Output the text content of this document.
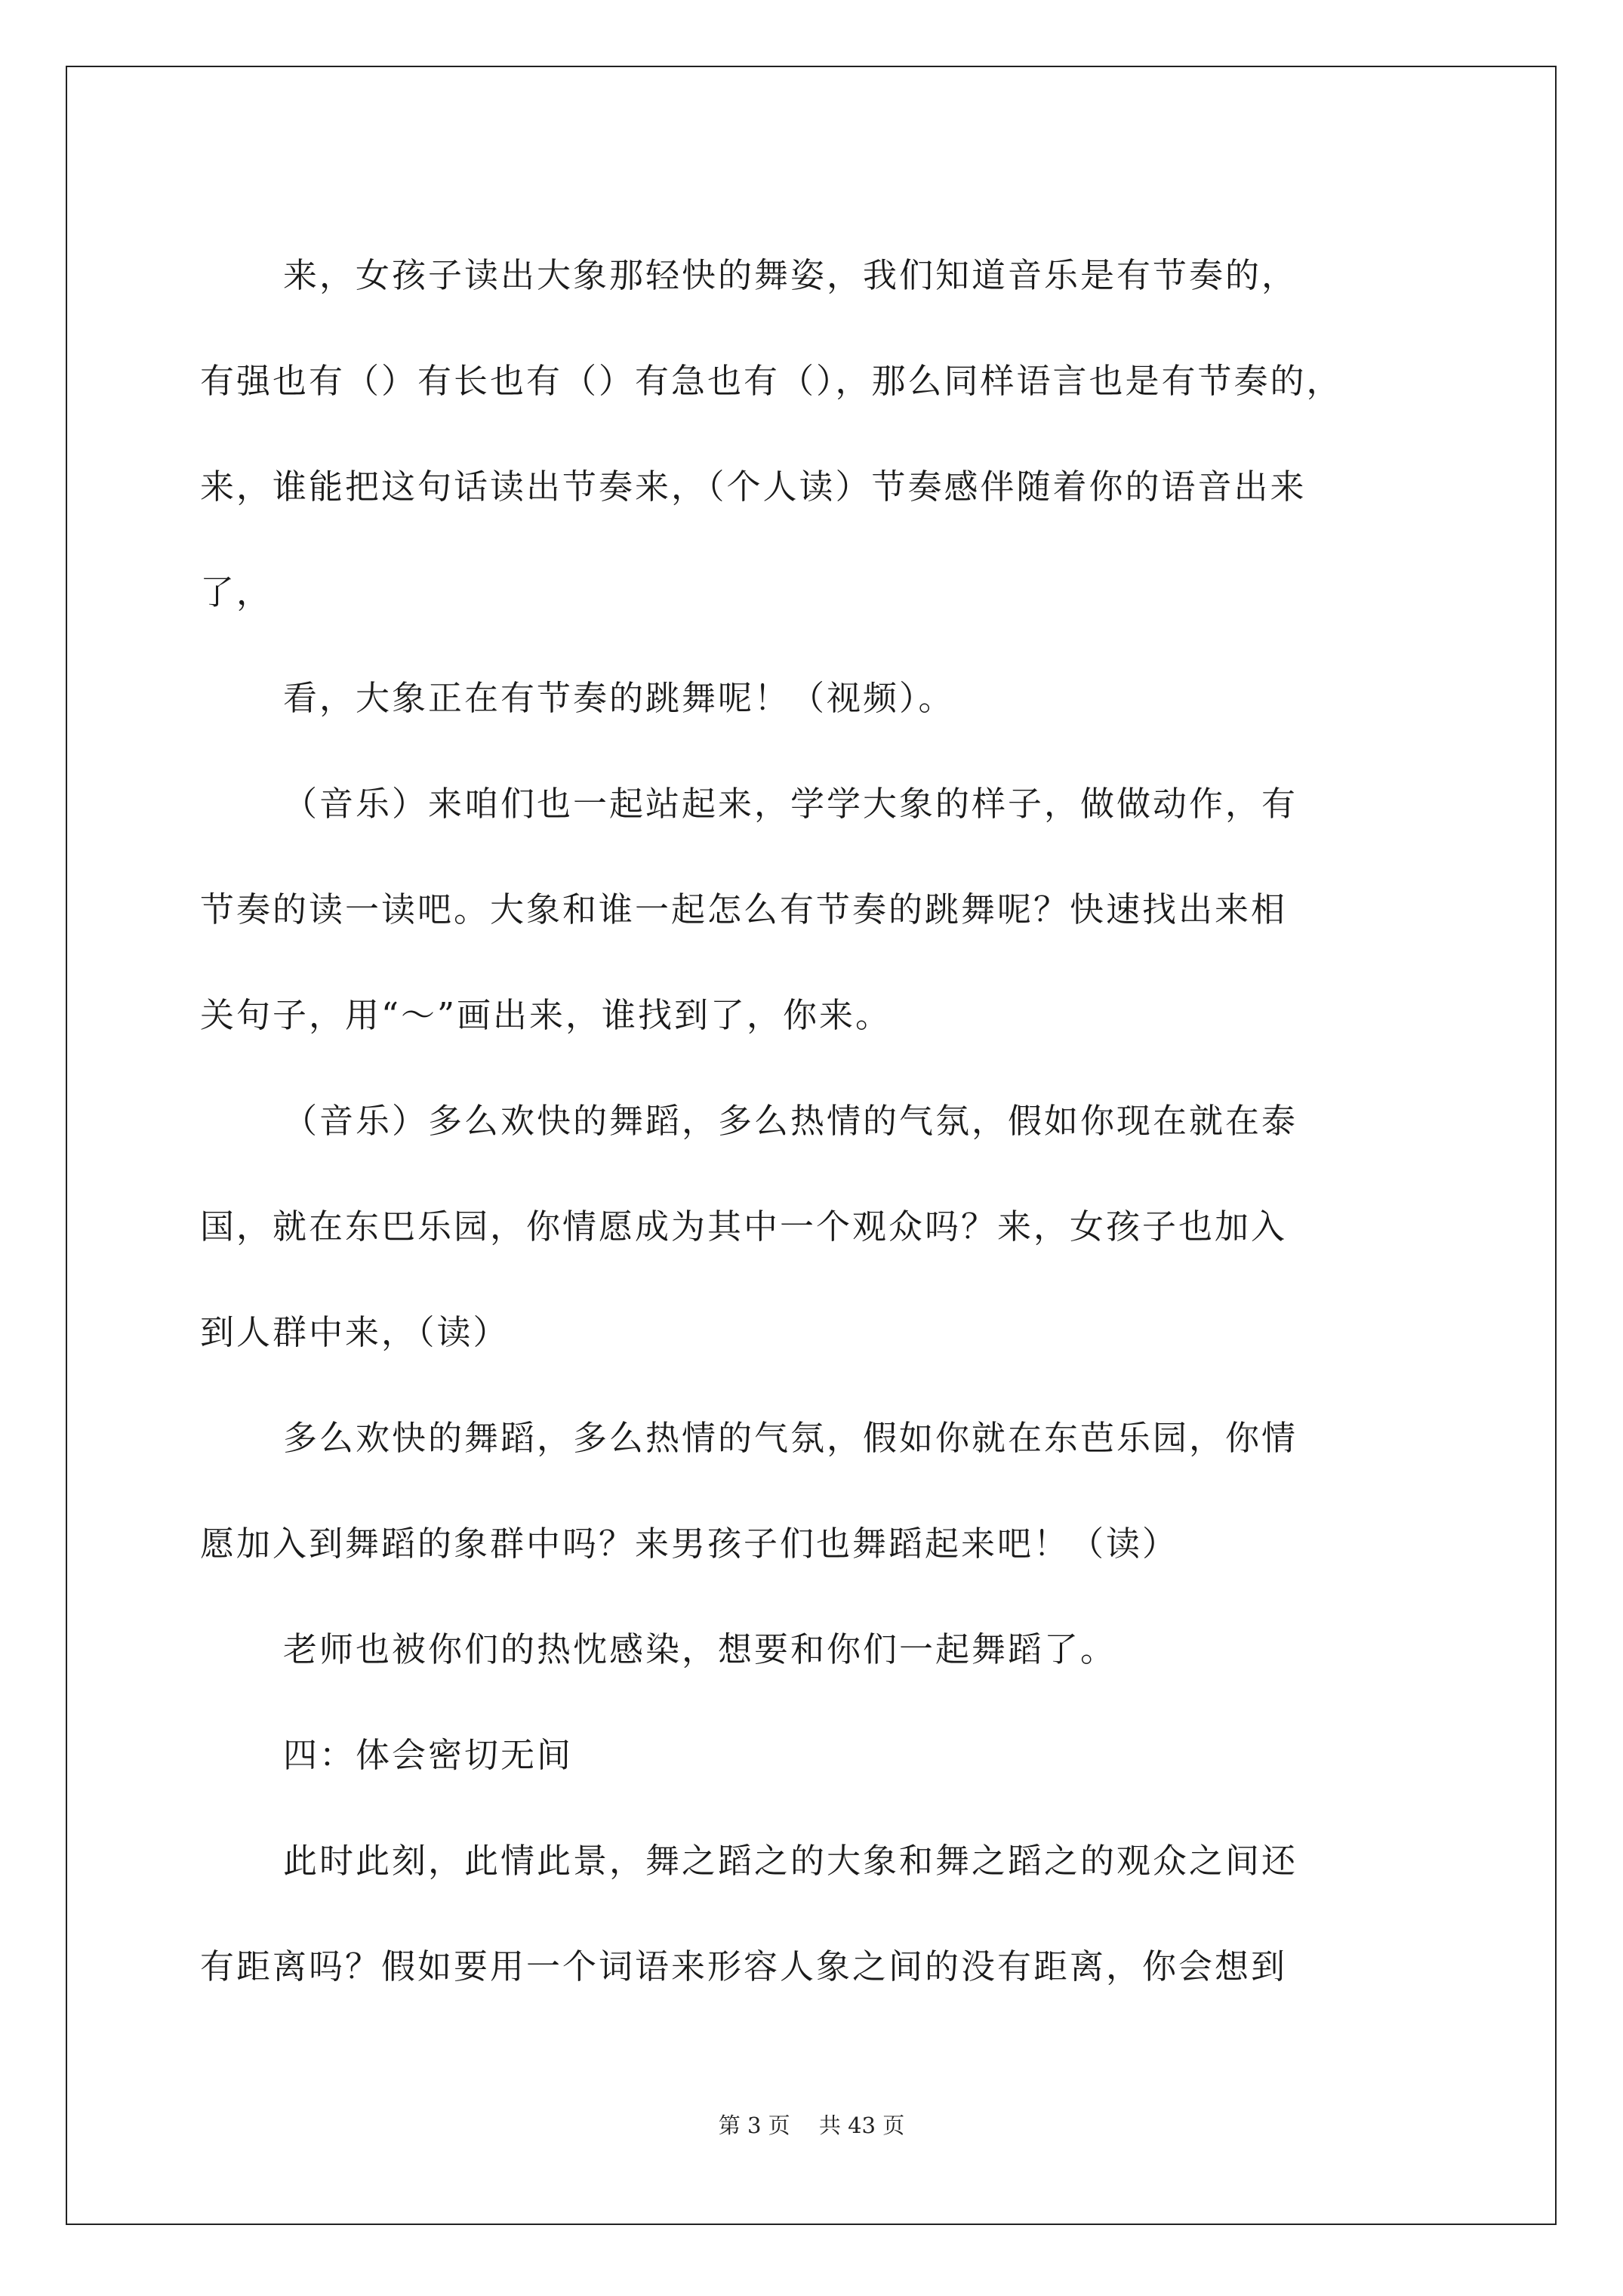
来，女孩子读出大象那轻快的舞姿，我们知道音乐是有节奏的，
有强也有（）有长也有（）有急也有（），那么同样语言也是有节奏的，
来，谁能把这句话读出节奏来，（个人读）节奏感伴随着你的语音出来
了，
看，大象正在有节奏的跳舞呢！（视频）。
（音乐）来咱们也一起站起来，学学大象的样子，做做动作，有
节奏的读一读吧。大象和谁一起怎么有节奏的跳舞呢？快速找出来相
关句子，用“～”画出来，谁找到了，你来。
（音乐）多么欢快的舞蹈，多么热情的气氛，假如你现在就在泰
国，就在东巴乐园，你情愿成为其中一个观众吗？来，女孩子也加入
到人群中来，（读）
多么欢快的舞蹈，多么热情的气氛，假如你就在东芭乐园，你情
愿加入到舞蹈的象群中吗？来男孩子们也舞蹈起来吧！（读）
老师也被你们的热忱感染，想要和你们一起舞蹈了。
四：体会密切无间
此时此刻，此情此景，舞之蹈之的大象和舞之蹈之的观众之间还
有距离吗？假如要用一个词语来形容人象之间的没有距离，你会想到
第 3 页　 共 43 页
